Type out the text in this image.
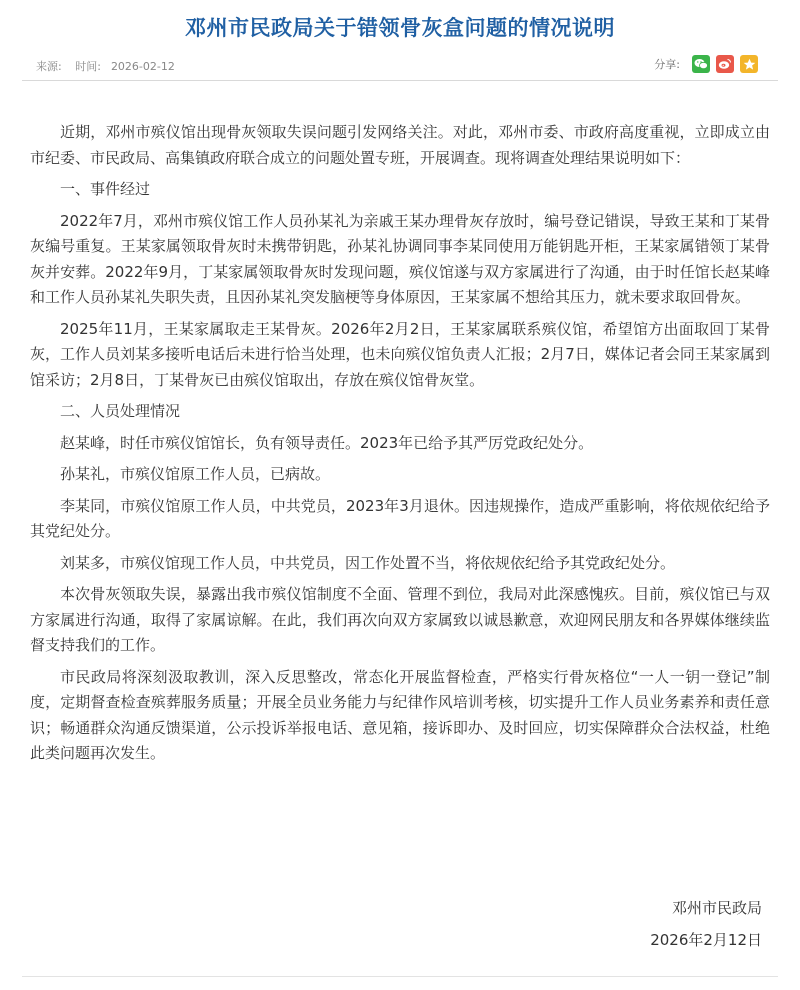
邓州市民政局关于错领骨灰盒问题的情况说明
来源: 时间: 2026-02-12	分享:

近期，邓州市殡仪馆出现骨灰领取失误问题引发网络关注。对此，邓州市委、市政府高度重视，立即成立由市纪委、市民政局、高集镇政府联合成立的问题处置专班，开展调查。现将调查处理结果说明如下：

一、事件经过

2022年7月，邓州市殡仪馆工作人员孙某礼为亲戚王某办理骨灰存放时，编号登记错误，导致王某和丁某骨灰编号重复。王某家属领取骨灰时未携带钥匙，孙某礼协调同事李某同使用万能钥匙开柜，王某家属错领丁某骨灰并安葬。2022年9月，丁某家属领取骨灰时发现问题，殡仪馆遂与双方家属进行了沟通，由于时任馆长赵某峰和工作人员孙某礼失职失责，且因孙某礼突发脑梗等身体原因，王某家属不想给其压力，就未要求取回骨灰。

2025年11月，王某家属取走王某骨灰。2026年2月2日，王某家属联系殡仪馆，希望馆方出面取回丁某骨灰，工作人员刘某多接听电话后未进行恰当处理，也未向殡仪馆负责人汇报；2月7日，媒体记者会同王某家属到馆采访；2月8日，丁某骨灰已由殡仪馆取出，存放在殡仪馆骨灰堂。

二、人员处理情况

赵某峰，时任市殡仪馆馆长，负有领导责任。2023年已给予其严厉党政纪处分。

孙某礼，市殡仪馆原工作人员，已病故。

李某同，市殡仪馆原工作人员，中共党员，2023年3月退休。因违规操作，造成严重影响，将依规依纪给予其党纪处分。

刘某多，市殡仪馆现工作人员，中共党员，因工作处置不当，将依规依纪给予其党政纪处分。

本次骨灰领取失误，暴露出我市殡仪馆制度不全面、管理不到位，我局对此深感愧疚。目前，殡仪馆已与双方家属进行沟通，取得了家属谅解。在此，我们再次向双方家属致以诚恳歉意，欢迎网民朋友和各界媒体继续监督支持我们的工作。

市民政局将深刻汲取教训，深入反思整改，常态化开展监督检查，严格实行骨灰格位“一人一钥一登记”制度，定期督查检查殡葬服务质量；开展全员业务能力与纪律作风培训考核，切实提升工作人员业务素养和责任意识；畅通群众沟通反馈渠道，公示投诉举报电话、意见箱，接诉即办、及时回应，切实保障群众合法权益，杜绝此类问题再次发生。

邓州市民政局
2026年2月12日
